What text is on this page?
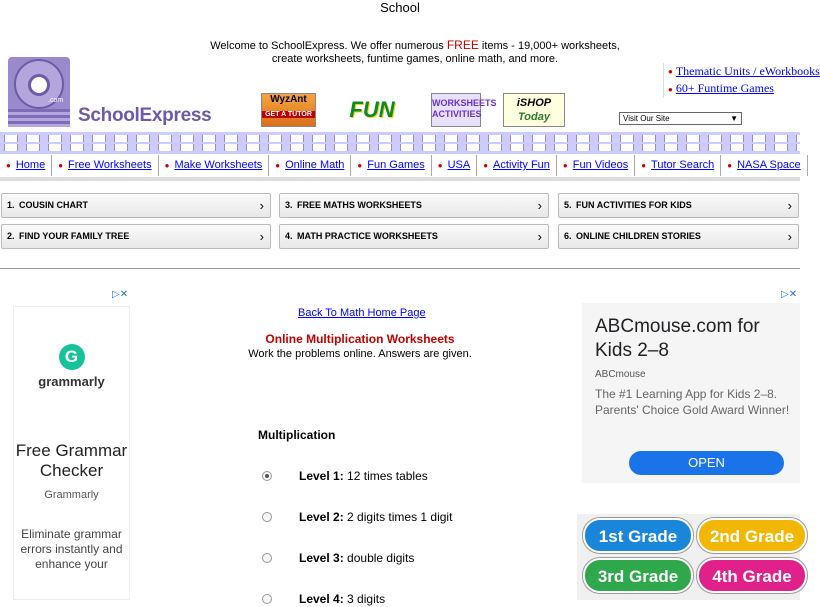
School
Welcome to SchoolExpress. We offer numerous FREE items - 19,000+ worksheets,
create worksheets, funtime games, online math, and more.
● Thematic Units / eWorkbooks
● 60+ Funtime Games
.com
SchoolExpress
WyzAnt
GET A TUTOR	FUN	WORKSHEETS ACTIVITIES
iSHOP
Today	Visit Our Site	▼
● Home	● Free Worksheets	● Make Worksheets	● Online Math	● Fun Games	● USA	● Activity Fun	● Fun Videos	● Tutor Search	● NASA Space
1. COUSIN CHART	›
2. FIND YOUR FAMILY TREE	›
3. FREE MATHS WORKSHEETS	›
4. MATH PRACTICE WORKSHEETS	›
5. FUN ACTIVITIES FOR KIDS	›
6. ONLINE CHILDREN STORIES	›
▷✕
G
grammarly
Free Grammar Checker
Grammarly
Eliminate grammar errors instantly and enhance your
▷✕
ABCmouse.com for Kids 2–8
ABCmouse
The #1 Learning App for Kids 2–8. Parents' Choice Gold Award Winner!
OPEN
1st Grade	2nd Grade
3rd Grade	4th Grade
Back To Math Home Page
Online Multiplication Worksheets
Work the problems online. Answers are given.
Multiplication
Level 1: 12 times tables
Level 2: 2 digits times 1 digit
Level 3: double digits
Level 4: 3 digits
